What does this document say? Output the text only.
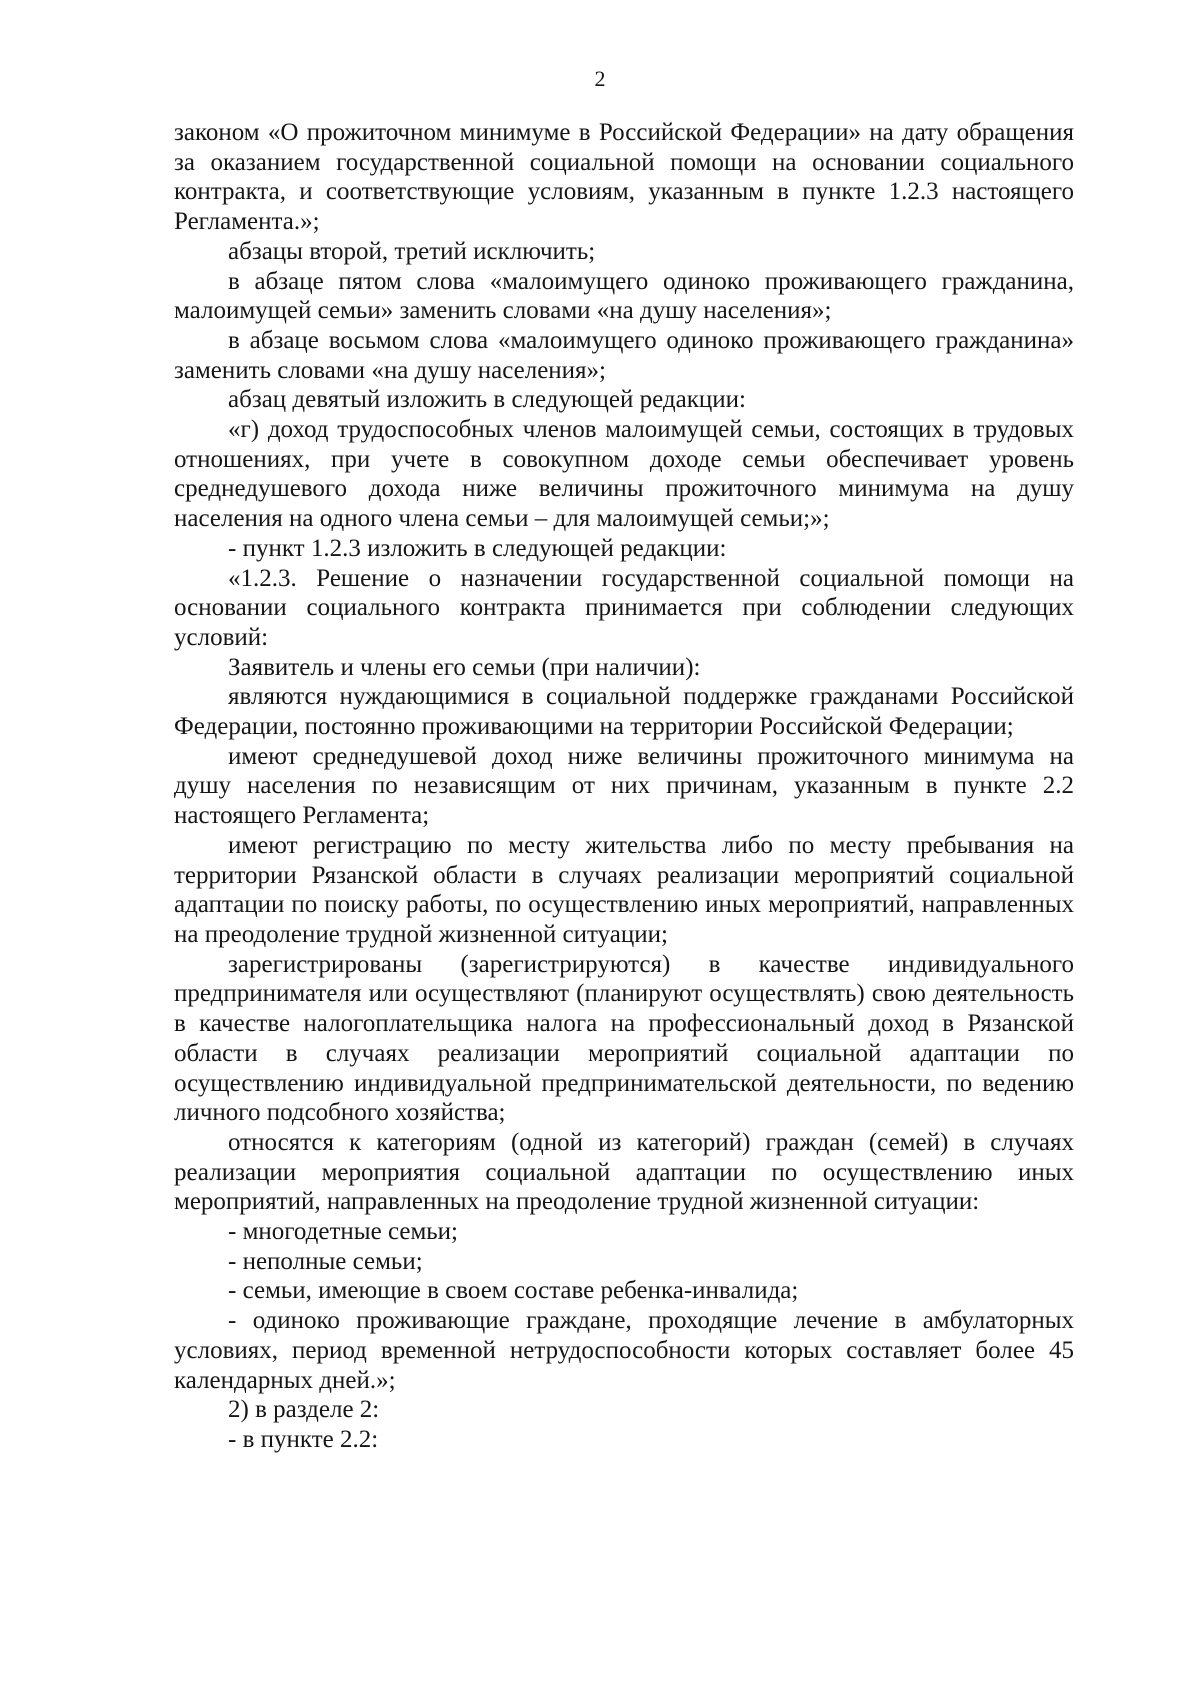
2

законом «О прожиточном минимуме в Российской Федерации» на дату обращения за оказанием государственной социальной помощи на основании социального контракта, и соответствующие условиям, указанным в пункте 1.2.3 настоящего Регламента.»;

абзацы второй, третий исключить;

в абзаце пятом слова «малоимущего одиноко проживающего гражданина, малоимущей семьи» заменить словами «на душу населения»;

в абзаце восьмом слова «малоимущего одиноко проживающего гражданина» заменить словами «на душу населения»;

абзац девятый изложить в следующей редакции:

«г) доход трудоспособных членов малоимущей семьи, состоящих в трудовых отношениях, при учете в совокупном доходе семьи обеспечивает уровень среднедушевого дохода ниже величины прожиточного минимума на душу населения на одного члена семьи – для малоимущей семьи;»;

- пункт 1.2.3 изложить в следующей редакции:

«1.2.3. Решение о назначении государственной социальной помощи на основании социального контракта принимается при соблюдении следующих условий:

Заявитель и члены его семьи (при наличии):

являются нуждающимися в социальной поддержке гражданами Российской Федерации, постоянно проживающими на территории Российской Федерации;

имеют среднедушевой доход ниже величины прожиточного минимума на душу населения по независящим от них причинам, указанным в пункте 2.2 настоящего Регламента;

имеют регистрацию по месту жительства либо по месту пребывания на территории Рязанской области в случаях реализации мероприятий социальной адаптации по поиску работы, по осуществлению иных мероприятий, направленных на преодоление трудной жизненной ситуации;

зарегистрированы (зарегистрируются) в качестве индивидуального предпринимателя или осуществляют (планируют осуществлять) свою деятельность в качестве налогоплательщика налога на профессиональный доход в Рязанской области в случаях реализации мероприятий социальной адаптации по осуществлению индивидуальной предпринимательской деятельности, по ведению личного подсобного хозяйства;

относятся к категориям (одной из категорий) граждан (семей) в случаях реализации мероприятия социальной адаптации по осуществлению иных мероприятий, направленных на преодоление трудной жизненной ситуации:

- многодетные семьи;

- неполные семьи;

- семьи, имеющие в своем составе ребенка-инвалида;

- одиноко проживающие граждане, проходящие лечение в амбулаторных условиях, период временной нетрудоспособности которых составляет более 45 календарных дней.»;

2) в разделе 2:

- в пункте 2.2:
